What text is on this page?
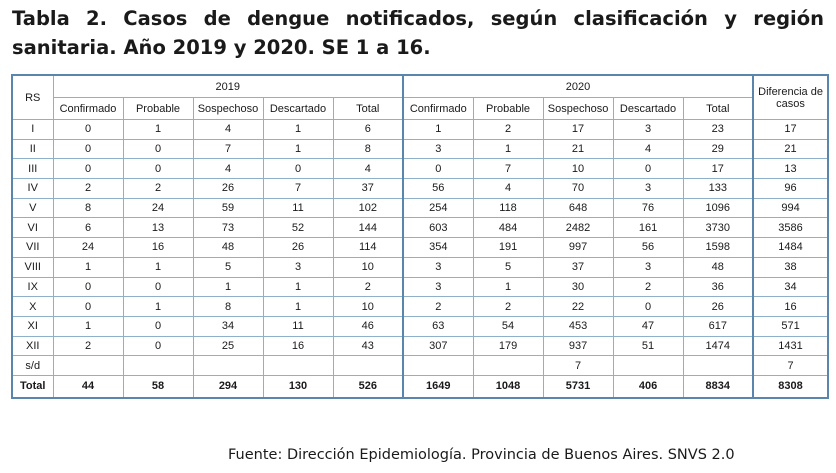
Tabla 2. Casos de dengue notificados, según clasificación y región sanitaria. Año 2019 y 2020. SE 1 a 16.
RS	2019					2020					Diferencia de casos
	Confirmado	Probable	Sospechoso	Descartado	Total	Confirmado	Probable	Sospechoso	Descartado	Total	
I	0	1	4	1	6	1	2	17	3	23	17
II	0	0	7	1	8	3	1	21	4	29	21
III	0	0	4	0	4	0	7	10	0	17	13
IV	2	2	26	7	37	56	4	70	3	133	96
V	8	24	59	11	102	254	118	648	76	1096	994
VI	6	13	73	52	144	603	484	2482	161	3730	3586
VII	24	16	48	26	114	354	191	997	56	1598	1484
VIII	1	1	5	3	10	3	5	37	3	48	38
IX	0	0	1	1	2	3	1	30	2	36	34
X	0	1	8	1	10	2	2	22	0	26	16
XI	1	0	34	11	46	63	54	453	47	617	571
XII	2	0	25	16	43	307	179	937	51	1474	1431
s/d								7			7
Total	44	58	294	130	526	1649	1048	5731	406	8834	8308
Fuente: Dirección Epidemiología. Provincia de Buenos Aires. SNVS 2.0
